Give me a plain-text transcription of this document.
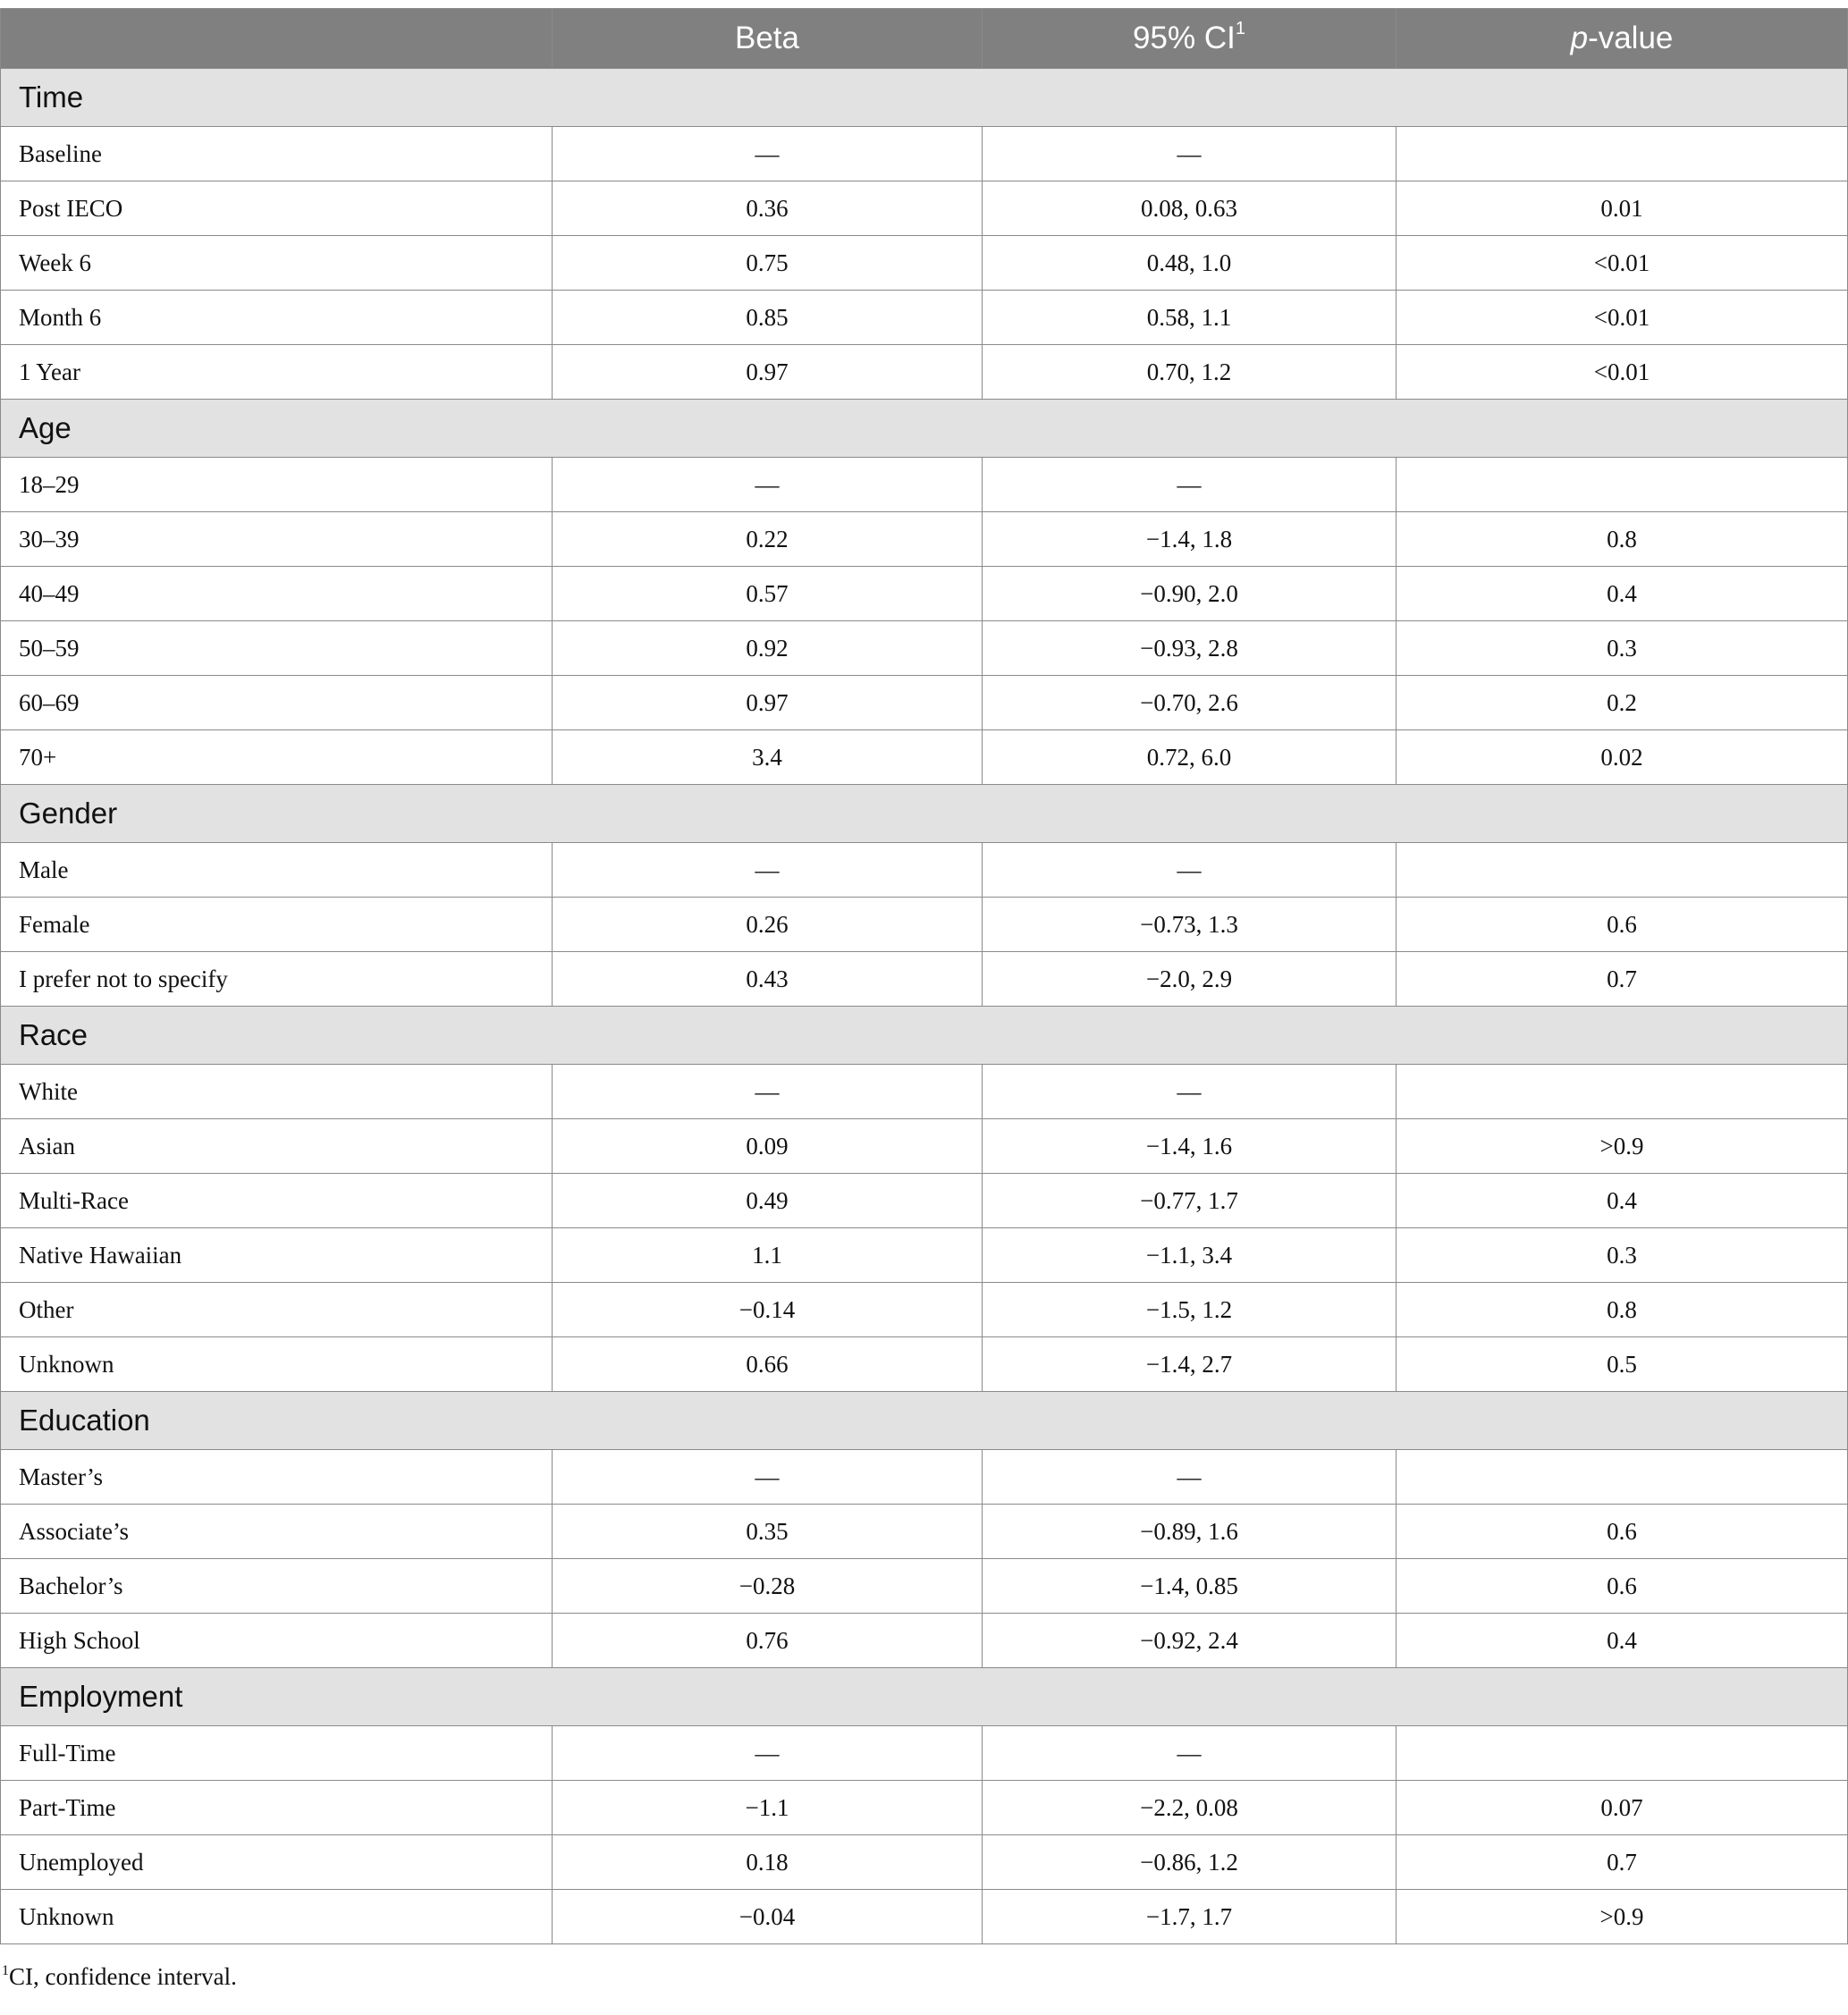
	Beta	95% $CI^1$	p-value
Time			
Baseline	—	—	
Post IECO	0.36	0.08, 0.63	0.01
Week 6	0.75	0.48, 1.0	<0.01
Month 6	0.85	0.58, 1.1	<0.01
1 Year	0.97	0.70, 1.2	<0.01
Age			
18–29	—	—	
30–39	0.22	−1.4, 1.8	0.8
40–49	0.57	−0.90, 2.0	0.4
50–59	0.92	−0.93, 2.8	0.3
60–69	0.97	−0.70, 2.6	0.2
70+	3.4	0.72, 6.0	0.02
Gender			
Male	—	—	
Female	0.26	−0.73, 1.3	0.6
I prefer not to specify	0.43	−2.0, 2.9	0.7
Race			
White	—	—	
Asian	0.09	−1.4, 1.6	>0.9
Multi-Race	0.49	−0.77, 1.7	0.4
Native Hawaiian	1.1	−1.1, 3.4	0.3
Other	−0.14	−1.5, 1.2	0.8
Unknown	0.66	−1.4, 2.7	0.5
Education			
Master’s	—	—	
Associate’s	0.35	−0.89, 1.6	0.6
Bachelor’s	−0.28	−1.4, 0.85	0.6
High School	0.76	−0.92, 2.4	0.4
Employment			
Full-Time	—	—	
Part-Time	−1.1	−2.2, 0.08	0.07
Unemployed	0.18	−0.86, 1.2	0.7
Unknown	−0.04	−1.7, 1.7	>0.9
$^1$CI, confidence interval.
